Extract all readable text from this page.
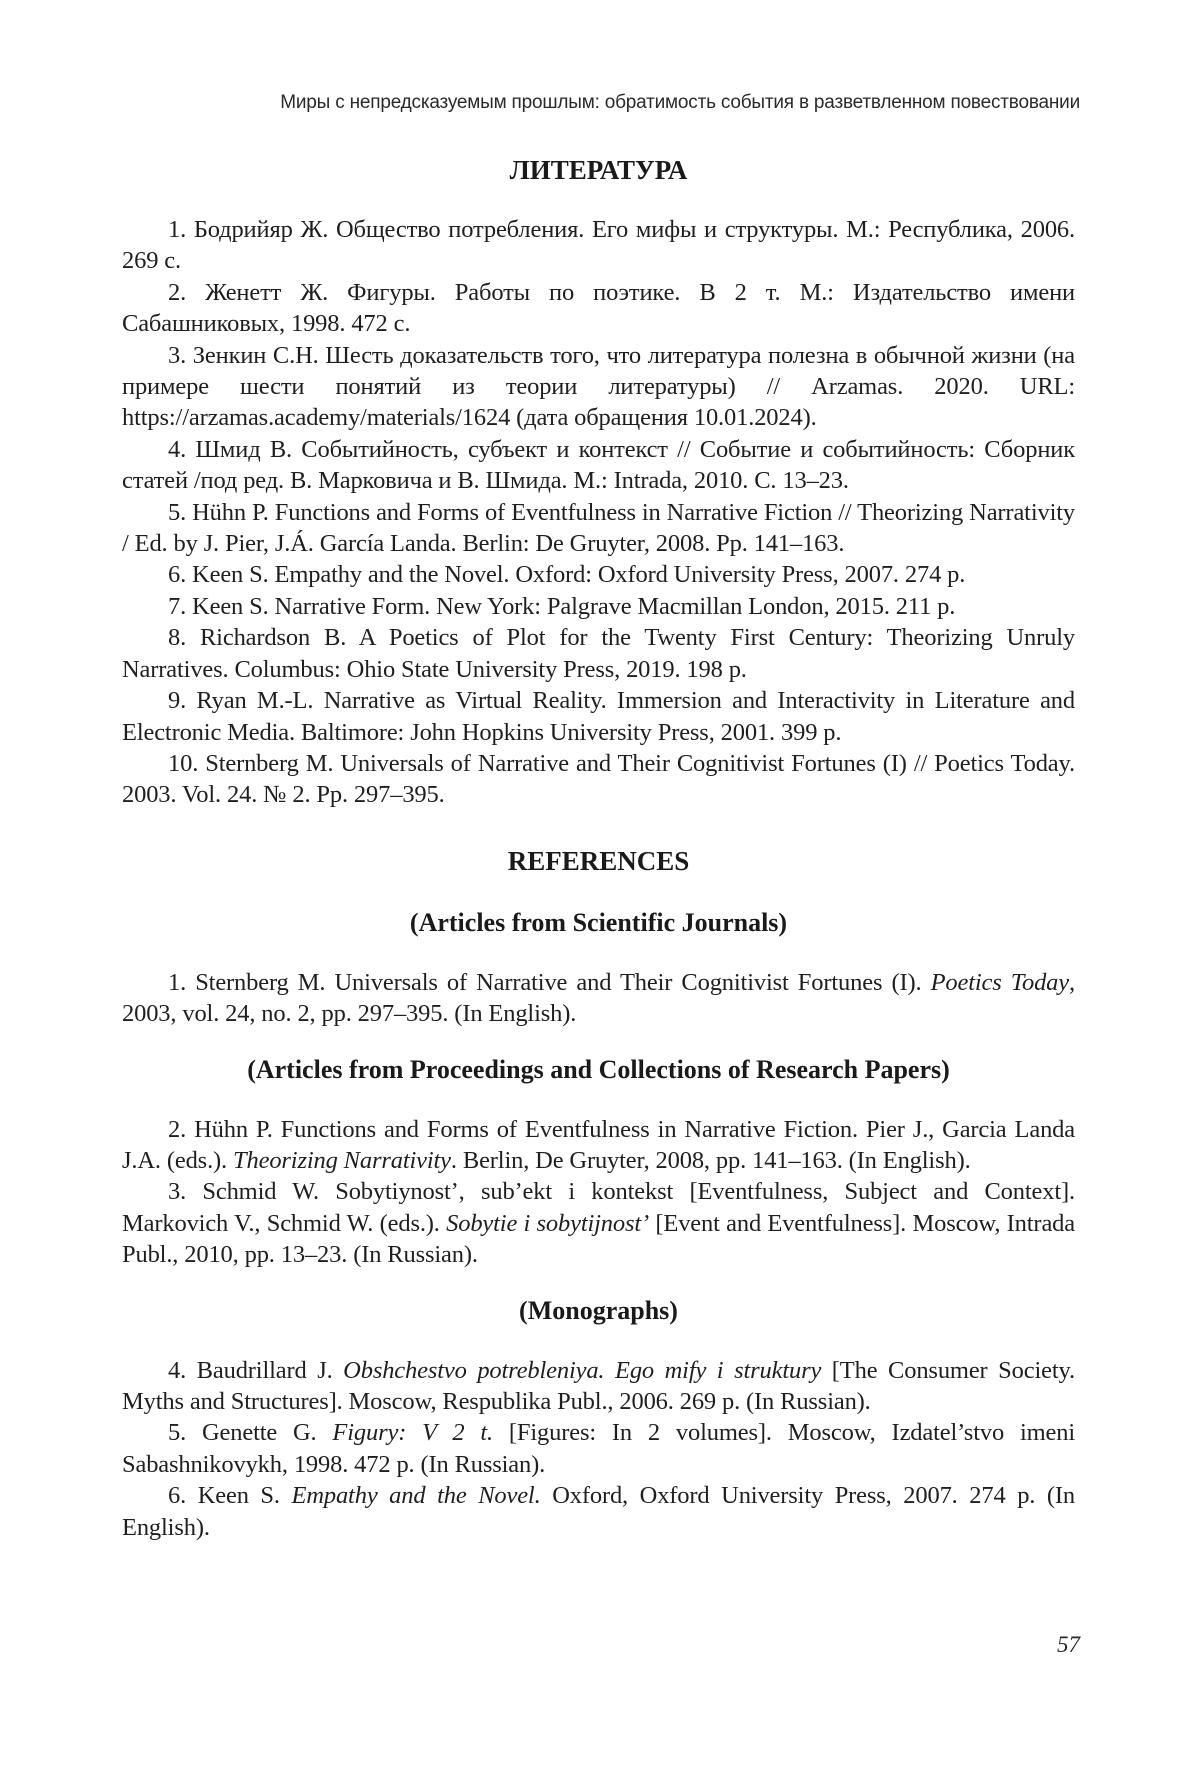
Миры с непредсказуемым прошлым: обратимость события в разветвленном повествовании
ЛИТЕРАТУРА
1. Бодрийяр Ж. Общество потребления. Его мифы и структуры. М.: Республика, 2006. 269 с.
2. Женетт Ж. Фигуры. Работы по поэтике. В 2 т. М.: Издательство имени Сабашниковых, 1998. 472 с.
3. Зенкин С.Н. Шесть доказательств того, что литература полезна в обычной жизни (на примере шести понятий из теории литературы) // Arzamas. 2020. URL: https://arzamas.academy/materials/1624 (дата обращения 10.01.2024).
4. Шмид В. Событийность, субъект и контекст // Событие и событийность: Сборник статей /под ред. В. Марковича и В. Шмида. М.: Intrada, 2010. С. 13–23.
5. Hühn P. Functions and Forms of Eventfulness in Narrative Fiction // Theorizing Narrativity / Ed. by J. Pier, J.Á. García Landa. Berlin: De Gruyter, 2008. Pp. 141–163.
6. Keen S. Empathy and the Novel. Oxford: Oxford University Press, 2007. 274 p.
7. Keen S. Narrative Form. New York: Palgrave Macmillan London, 2015. 211 p.
8. Richardson B. A Poetics of Plot for the Twenty First Century: Theorizing Unruly Narratives. Columbus: Ohio State University Press, 2019. 198 p.
9. Ryan M.-L. Narrative as Virtual Reality. Immersion and Interactivity in Literature and Electronic Media. Baltimore: John Hopkins University Press, 2001. 399 p.
10. Sternberg M. Universals of Narrative and Their Cognitivist Fortunes (I) // Poetics Today. 2003. Vol. 24. № 2. Pp. 297–395.
REFERENCES
(Articles from Scientific Journals)
1. Sternberg M. Universals of Narrative and Their Cognitivist Fortunes (I). Poetics Today, 2003, vol. 24, no. 2, pp. 297–395. (In English).
(Articles from Proceedings and Collections of Research Papers)
2. Hühn P. Functions and Forms of Eventfulness in Narrative Fiction. Pier J., Garcia Landa J.A. (eds.). Theorizing Narrativity. Berlin, De Gruyter, 2008, pp. 141–163. (In English).
3. Schmid W. Sobytiynost’, sub’ekt i kontekst [Eventfulness, Subject and Context]. Markovich V., Schmid W. (eds.). Sobytie i sobytijnost’ [Event and Eventfulness]. Moscow, Intrada Publ., 2010, pp. 13–23. (In Russian).
(Monographs)
4. Baudrillard J. Obshchestvo potrebleniya. Ego mify i struktury [The Consumer Society. Myths and Structures]. Moscow, Respublika Publ., 2006. 269 p. (In Russian).
5. Genette G. Figury: V 2 t. [Figures: In 2 volumes]. Moscow, Izdatel’stvo imeni Sabashnikovykh, 1998. 472 p. (In Russian).
6. Keen S. Empathy and the Novel. Oxford, Oxford University Press, 2007. 274 p. (In English).
57
